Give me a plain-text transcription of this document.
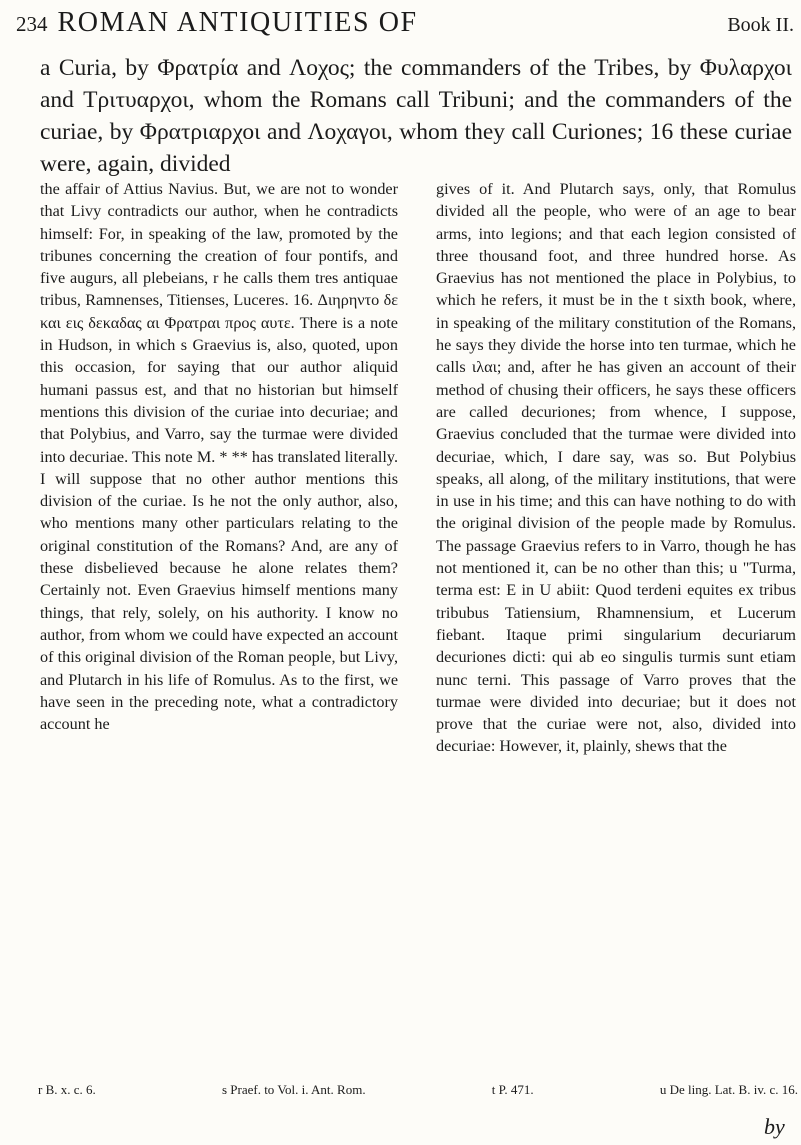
234 ROMAN ANTIQUITIES OF	Book II.

a Curia, by Φρατρία and Λοχος; the commanders of the Tribes, by Φυλαρχοι and Τριτυαρχοι, whom the Romans call Tribuni; and the commanders of the curiae, by Φρατριαρχοι and Λοχαγοι, whom they call Curiones; 16 these curiae were, again, divided

the affair of Attius Navius. But, we are not to wonder that Livy contradicts our author, when he contradicts himself: For, in speaking of the law, promoted by the tribunes concerning the creation of four pontifs, and five augurs, all plebeians, r he calls them tres antiquae tribus, Ramnenses, Titienses, Luceres. 16. Διηρηντο δε και εις δεκαδας αι Φρατραι προς αυτε. There is a note in Hudson, in which s Graevius is, also, quoted, upon this occasion, for saying that our author aliquid humani passus est, and that no historian but himself mentions this division of the curiae into decuriae; and that Polybius, and Varro, say the turmae were divided into decuriae. This note M. * ** has translated literally. I will suppose that no other author mentions this division of the curiae. Is he not the only author, also, who mentions many other particulars relating to the original constitution of the Romans? And, are any of these disbelieved because he alone relates them? Certainly not. Even Graevius himself mentions many things, that rely, solely, on his authority. I know no author, from whom we could have expected an account of this original division of the Roman people, but Livy, and Plutarch in his life of Romulus. As to the first, we have seen in the preceding note, what a contradictory account he

gives of it. And Plutarch says, only, that Romulus divided all the people, who were of an age to bear arms, into legions; and that each legion consisted of three thousand foot, and three hundred horse. As Graevius has not mentioned the place in Polybius, to which he refers, it must be in the t sixth book, where, in speaking of the military constitution of the Romans, he says they divide the horse into ten turmae, which he calls ιλαι; and, after he has given an account of their method of chusing their officers, he says these officers are called decuriones; from whence, I suppose, Graevius concluded that the turmae were divided into decuriae, which, I dare say, was so. But Polybius speaks, all along, of the military institutions, that were in use in his time; and this can have nothing to do with the original division of the people made by Romulus. The passage Graevius refers to in Varro, though he has not mentioned it, can be no other than this; u "Turma, terma est: E in U abiit: Quod terdeni equites ex tribus tribubus Tatiensium, Rhamnensium, et Lucerum fiebant. Itaque primi singularium decuriarum decuriones dicti: qui ab eo singulis turmis sunt etiam nunc terni. This passage of Varro proves that the turmae were divided into decuriae; but it does not prove that the curiae were not, also, divided into decuriae: However, it, plainly, shews that the

r B. x. c. 6.	s Praef. to Vol. i. Ant. Rom.	t P. 471.	u De ling. Lat. B. iv. c. 16.
by
